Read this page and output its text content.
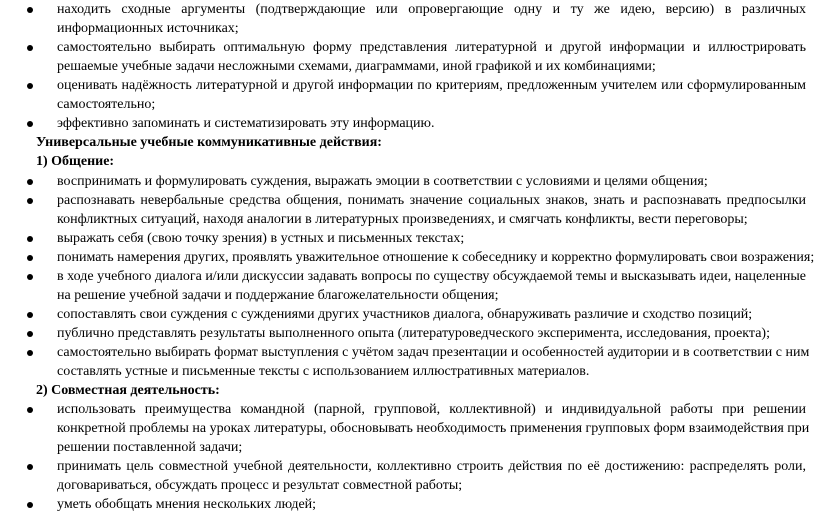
находить сходные аргументы (подтверждающие или опровергающие одну и ту же идею, версию) в различных
информационных источниках;
самостоятельно выбирать оптимальную форму представления литературной и другой информации и иллюстрировать
решаемые учебные задачи несложными схемами, диаграммами, иной графикой и их комбинациями;
оценивать надёжность литературной и другой информации по критериям, предложенным учителем или сформулированным
самостоятельно;
эффективно запоминать и систематизировать эту информацию.
Универсальные учебные коммуникативные действия:
1) Общение:
воспринимать и формулировать суждения, выражать эмоции в соответствии с условиями и целями общения;
распознавать невербальные средства общения, понимать значение социальных знаков, знать и распознавать предпосылки
конфликтных ситуаций, находя аналогии в литературных произведениях, и смягчать конфликты, вести переговоры;
выражать себя (свою точку зрения) в устных и письменных текстах;
понимать намерения других, проявлять уважительное отношение к собеседнику и корректно формулировать свои возражения;
в ходе учебного диалога и/или дискуссии задавать вопросы по существу обсуждаемой темы и высказывать идеи, нацеленные
на решение учебной задачи и поддержание благожелательности общения;
сопоставлять свои суждения с суждениями других участников диалога, обнаруживать различие и сходство позиций;
публично представлять результаты выполненного опыта (литературоведческого эксперимента, исследования, проекта);
самостоятельно выбирать формат выступления с учётом задач презентации и особенностей аудитории и в соответствии с ним
составлять устные и письменные тексты с использованием иллюстративных материалов.
2) Совместная деятельность:
использовать преимущества командной (парной, групповой, коллективной) и индивидуальной работы при решении
конкретной проблемы на уроках литературы, обосновывать необходимость применения групповых форм взаимодействия при
решении поставленной задачи;
принимать цель совместной учебной деятельности, коллективно строить действия по её достижению: распределять роли,
договариваться, обсуждать процесс и результат совместной работы;
уметь обобщать мнения нескольких людей;
